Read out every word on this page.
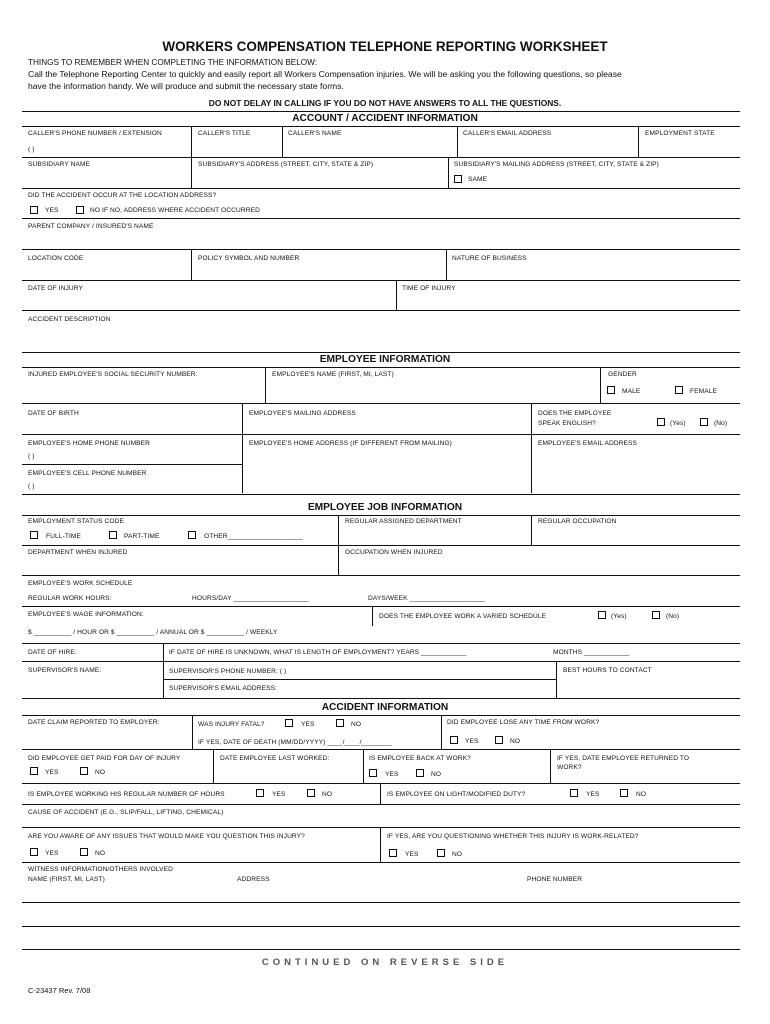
WORKERS COMPENSATION TELEPHONE REPORTING WORKSHEET
THINGS TO REMEMBER WHEN COMPLETING THE INFORMATION BELOW:
Call the Telephone Reporting Center to quickly and easily report all Workers Compensation injuries. We will be asking you the following questions, so please
have the information handy. We will produce and submit the necessary state forms.
DO NOT DELAY IN CALLING IF YOU DO NOT HAVE ANSWERS TO ALL THE QUESTIONS.
ACCOUNT / ACCIDENT INFORMATION
CALLER'S PHONE NUMBER / EXTENSION
( )
CALLER'S TITLE	CALLER'S NAME	CALLER'S EMAIL ADDRESS	EMPLOYMENT STATE
SUBSIDIARY NAME	SUBSIDIARY'S ADDRESS (STREET, CITY, STATE & ZIP)	SUBSIDIARY'S MAILING ADDRESS (STREET, CITY, STATE & ZIP)
SAME
DID THE ACCIDENT OCCUR AT THE LOCATION ADDRESS?
YES	NO IF NO, ADDRESS WHERE ACCIDENT OCCURRED
PARENT COMPANY / INSURED'S NAME
LOCATION CODE	POLICY SYMBOL AND NUMBER	NATURE OF BUSINESS
DATE OF INJURY	TIME OF INJURY
ACCIDENT DESCRIPTION
EMPLOYEE INFORMATION
INJURED EMPLOYEE'S SOCIAL SECURITY NUMBER:	EMPLOYEE'S NAME (FIRST, MI, LAST)	GENDER
MALE	FEMALE
DATE OF BIRTH	EMPLOYEE'S MAILING ADDRESS	DOES THE EMPLOYEE
SPEAK ENGLISH?	(Yes)	(No)
EMPLOYEE'S HOME PHONE NUMBER
( )
EMPLOYEE'S HOME ADDRESS (IF DIFFERENT FROM MAILING)	EMPLOYEE'S EMAIL ADDRESS
EMPLOYEE'S CELL PHONE NUMBER
( )
EMPLOYEE JOB INFORMATION
EMPLOYMENT STATUS CODE
FULL-TIME	PART-TIME	OTHER____________________
REGULAR ASSIGNED DEPARTMENT	REGULAR OCCUPATION
DEPARTMENT WHEN INJURED	OCCUPATION WHEN INJURED
EMPLOYEE'S WORK SCHEDULE
REGULAR WORK HOURS:	HOURS/DAY ____________________	DAYS/WEEK ____________________
EMPLOYEE'S WAGE INFORMATION:	DOES THE EMPLOYEE WORK A VARIED SCHEDULE	(Yes)	(No)
$ __________ / HOUR OR $ __________ / ANNUAL OR $ __________ / WEEKLY
DATE OF HIRE:	IF DATE OF HIRE IS UNKNOWN, WHAT IS LENGTH OF EMPLOYMENT? YEARS ____________	MONTHS ____________
SUPERVISOR'S NAME:	SUPERVISOR'S PHONE NUMBER: ( )	BEST HOURS TO CONTACT
SUPERVISOR'S EMAIL ADDRESS:
ACCIDENT INFORMATION
DATE CLAIM REPORTED TO EMPLOYER:	WAS INJURY FATAL?	YES	NO	DID EMPLOYEE LOSE ANY TIME FROM WORK?
IF YES, DATE OF DEATH (MM/DD/YYYY) ____/____/________	YES	NO
DID EMPLOYEE GET PAID FOR DAY OF INJURY
YES	NO
DATE EMPLOYEE LAST WORKED:	IS EMPLOYEE BACK AT WORK?
YES	NO
IF YES, DATE EMPLOYEE RETURNED TO
WORK?
IS EMPLOYEE WORKING HIS REGULAR NUMBER OF HOURS	YES	NO	IS EMPLOYEE ON LIGHT/MODIFIED DUTY?	YES	NO
CAUSE OF ACCIDENT (E.G., SLIP/FALL, LIFTING, CHEMICAL)
ARE YOU AWARE OF ANY ISSUES THAT WOULD MAKE YOU QUESTION THIS INJURY?
YES	NO
IF YES, ARE YOU QUESTIONING WHETHER THIS INJURY IS WORK-RELATED?
YES	NO
WITNESS INFORMATION/OTHERS INVOLVED
NAME (FIRST, MI, LAST)	ADDRESS	PHONE NUMBER
CONTINUED ON REVERSE SIDE
C-23437 Rev. 7/08
